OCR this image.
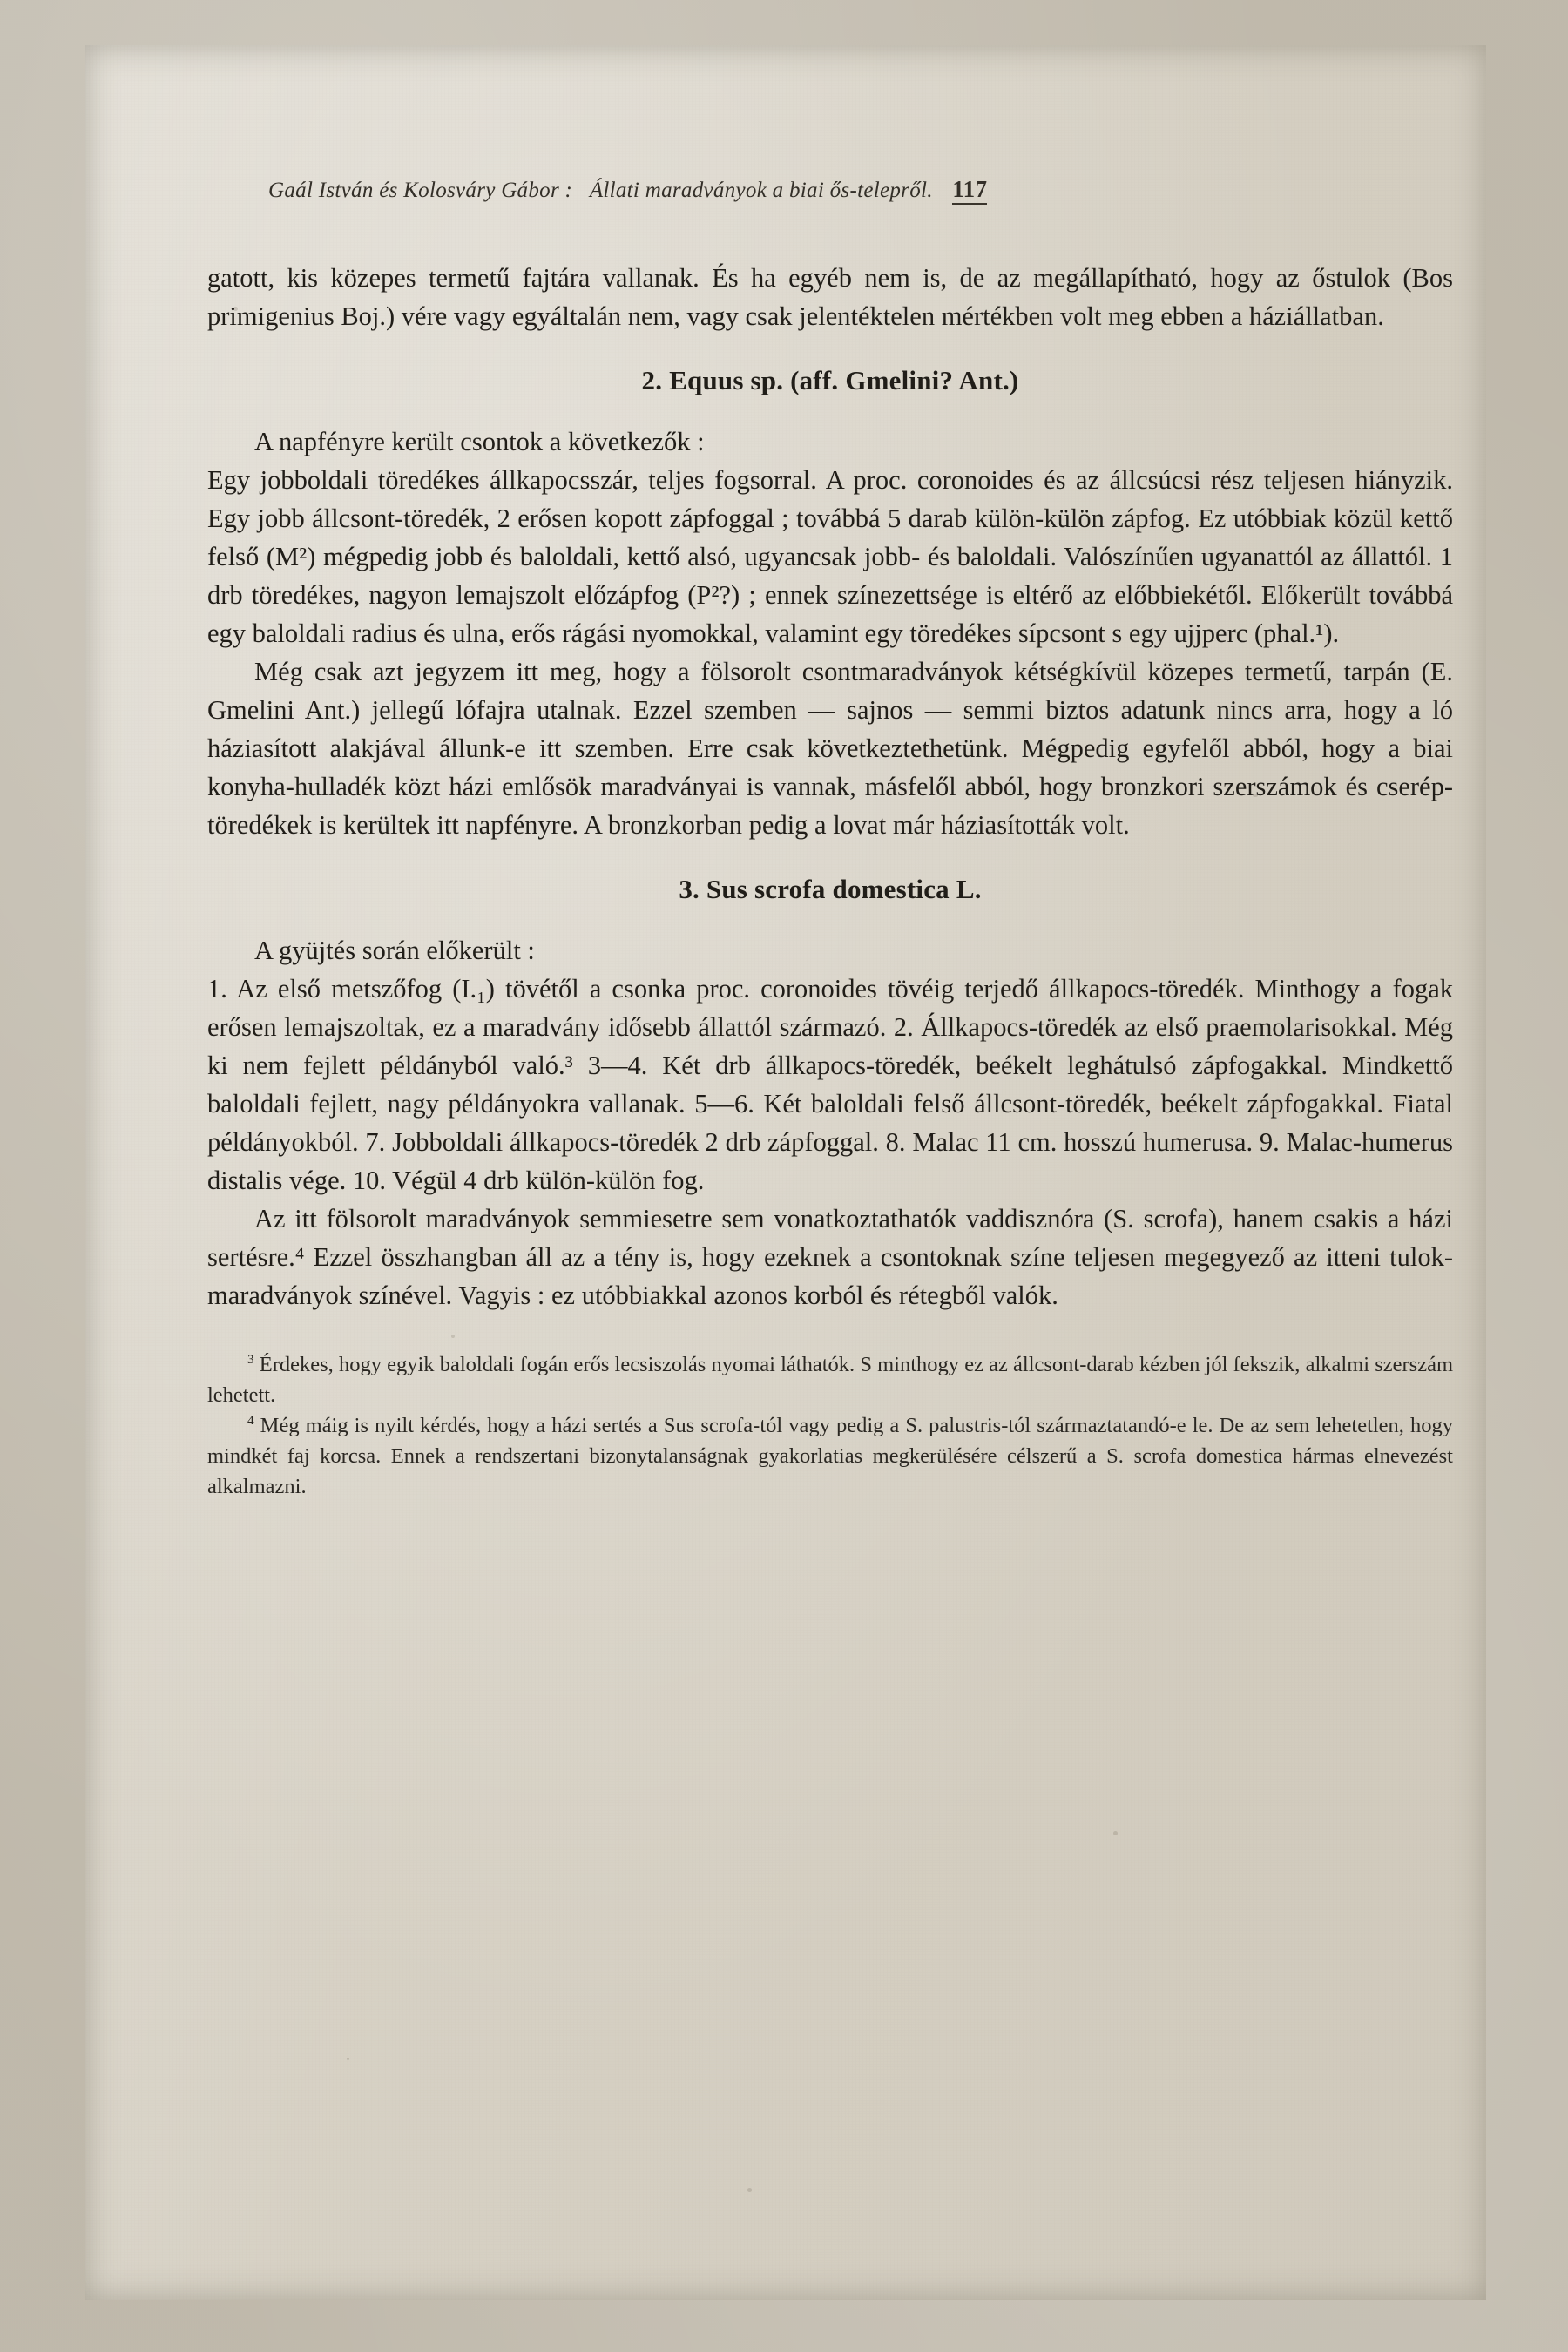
Gaál István és Kolosváry Gábor : Állati maradványok a biai ős-telepről. 117

gatott, kis közepes termetű fajtára vallanak. És ha egyéb nem is, de az megállapítható, hogy az őstulok (Bos primigenius Boj.) vére vagy egyáltalán nem, vagy csak jelentéktelen mértékben volt meg ebben a háziállatban.

2. Equus sp. (aff. Gmelini? Ant.)

A napfényre került csontok a következők :

Egy jobboldali töredékes állkapocsszár, teljes fogsorral. A proc. coronoides és az állcsúcsi rész teljesen hiányzik. Egy jobb állcsont-töredék, 2 erősen kopott zápfoggal ; továbbá 5 darab külön-külön zápfog. Ez utóbbiak közül kettő felső (M²) mégpedig jobb és baloldali, kettő alsó, ugyancsak jobb- és baloldali. Valószínűen ugyanattól az állattól. 1 drb töredékes, nagyon lemajszolt előzápfog (P²?) ; ennek színezettsége is eltérő az előbbiekétől. Előkerült továbbá egy baloldali radius és ulna, erős rágási nyomokkal, valamint egy töredékes sípcsont s egy ujjperc (phal.¹).

Még csak azt jegyzem itt meg, hogy a fölsorolt csontmaradványok kétségkívül közepes termetű, tarpán (E. Gmelini Ant.) jellegű lófajra utalnak. Ezzel szemben — sajnos — semmi biztos adatunk nincs arra, hogy a ló háziasított alakjával állunk-e itt szemben. Erre csak következtethetünk. Mégpedig egyfelől abból, hogy a biai konyha-hulladék közt házi emlősök maradványai is vannak, másfelől abból, hogy bronzkori szerszámok és cserép-töredékek is kerültek itt napfényre. A bronzkorban pedig a lovat már háziasították volt.

3. Sus scrofa domestica L.

A gyüjtés során előkerült :

1. Az első metszőfog (I.₁) tövétől a csonka proc. coronoides tövéig terjedő állkapocs-töredék. Minthogy a fogak erősen lemajszoltak, ez a maradvány idősebb állattól származó. 2. Állkapocs-töredék az első praemolarisokkal. Még ki nem fejlett példányból való.³ 3—4. Két drb állkapocs-töredék, beékelt leghátulsó zápfogakkal. Mindkettő baloldali fejlett, nagy példányokra vallanak. 5—6. Két baloldali felső állcsont-töredék, beékelt zápfogakkal. Fiatal példányokból. 7. Jobboldali állkapocs-töredék 2 drb zápfoggal. 8. Malac 11 cm. hosszú humerusa. 9. Malac-humerus distalis vége. 10. Végül 4 drb külön-külön fog.

Az itt fölsorolt maradványok semmiesetre sem vonatkoztathatók vaddisznóra (S. scrofa), hanem csakis a házi sertésre.⁴ Ezzel összhangban áll az a tény is, hogy ezeknek a csontoknak színe teljesen megegyező az itteni tulok-maradványok színével. Vagyis : ez utóbbiakkal azonos korból és rétegből valók.

$^3$ Érdekes, hogy egyik baloldali fogán erős lecsiszolás nyomai láthatók. S minthogy ez az állcsont-darab kézben jól fekszik, alkalmi szerszám lehetett.

$^4$ Még máig is nyilt kérdés, hogy a házi sertés a Sus scrofa-tól vagy pedig a S. palustris-tól származtatandó-e le. De az sem lehetetlen, hogy mindkét faj korcsa. Ennek a rendszertani bizonytalanságnak gyakorlatias megkerülésére célszerű a S. scrofa domestica hármas elnevezést alkalmazni.
